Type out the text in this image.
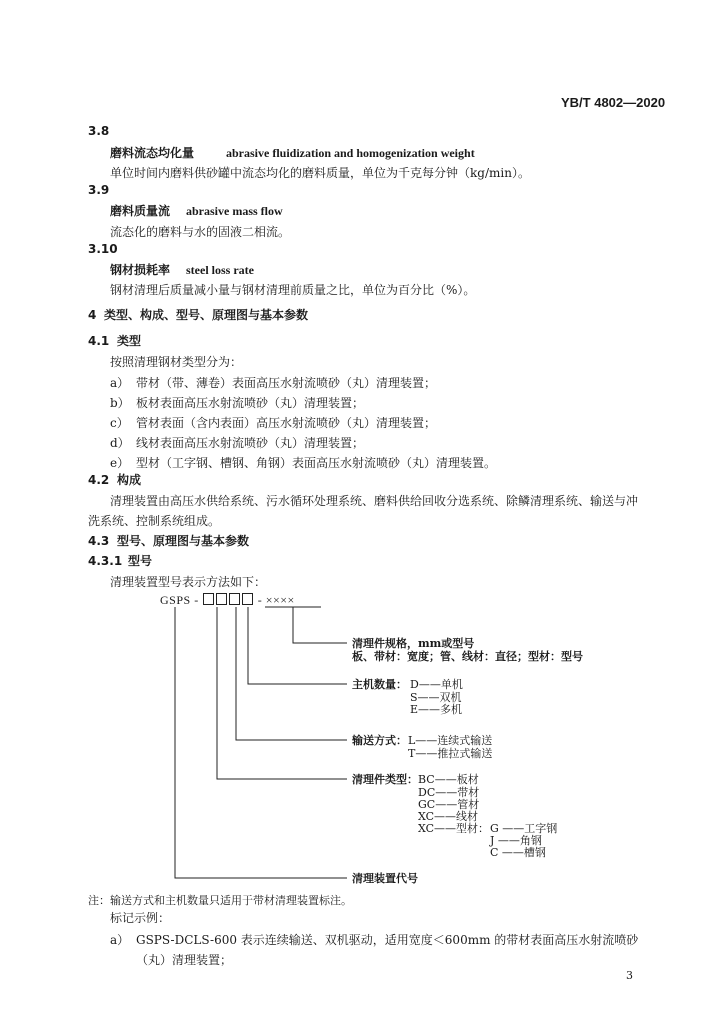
YB/T 4802—2020
3.8
磨料流态均化量	abrasive fluidization and homogenization weight
单位时间内磨料供砂罐中流态均化的磨料质量，单位为千克每分钟（kg/min）。
3.9
磨料质量流 abrasive mass flow
流态化的磨料与水的固液二相流。
3.10
钢材损耗率 steel loss rate
钢材清理后质量减小量与钢材清理前质量之比，单位为百分比（%）。
4 类型、构成、型号、原理图与基本参数
4.1 类型
按照清理钢材类型分为：
a） 带材（带、薄卷）表面高压水射流喷砂（丸）清理装置；
b） 板材表面高压水射流喷砂（丸）清理装置；
c） 管材表面（含内表面）高压水射流喷砂（丸）清理装置；
d） 线材表面高压水射流喷砂（丸）清理装置；
e） 型材（工字钢、槽钢、角钢）表面高压水射流喷砂（丸）清理装置。
4.2 构成
清理装置由高压水供给系统、污水循环处理系统、磨料供给回收分选系统、除鳞清理系统、输送与冲
洗系统、控制系统组成。
4.3 型号、原理图与基本参数
4.3.1 型号
清理装置型号表示方法如下：
GSPS -	- ××××
清理件规格，mm或型号
板、带材：宽度；管、线材：直径；型材：型号
主机数量： D——单机
S——双机
E——多机
输送方式： L——连续式输送
T——推拉式输送
清理件类型： BC——板材
DC——带材
GC——管材
XC——线材
XC——型材： G ——工字钢
J ——角钢
C ——槽钢
清理装置代号
注：输送方式和主机数量只适用于带材清理装置标注。
标记示例：
a） GSPS-DCLS-600 表示连续输送、双机驱动，适用宽度＜600mm 的带材表面高压水射流喷砂
（丸）清理装置；
3
